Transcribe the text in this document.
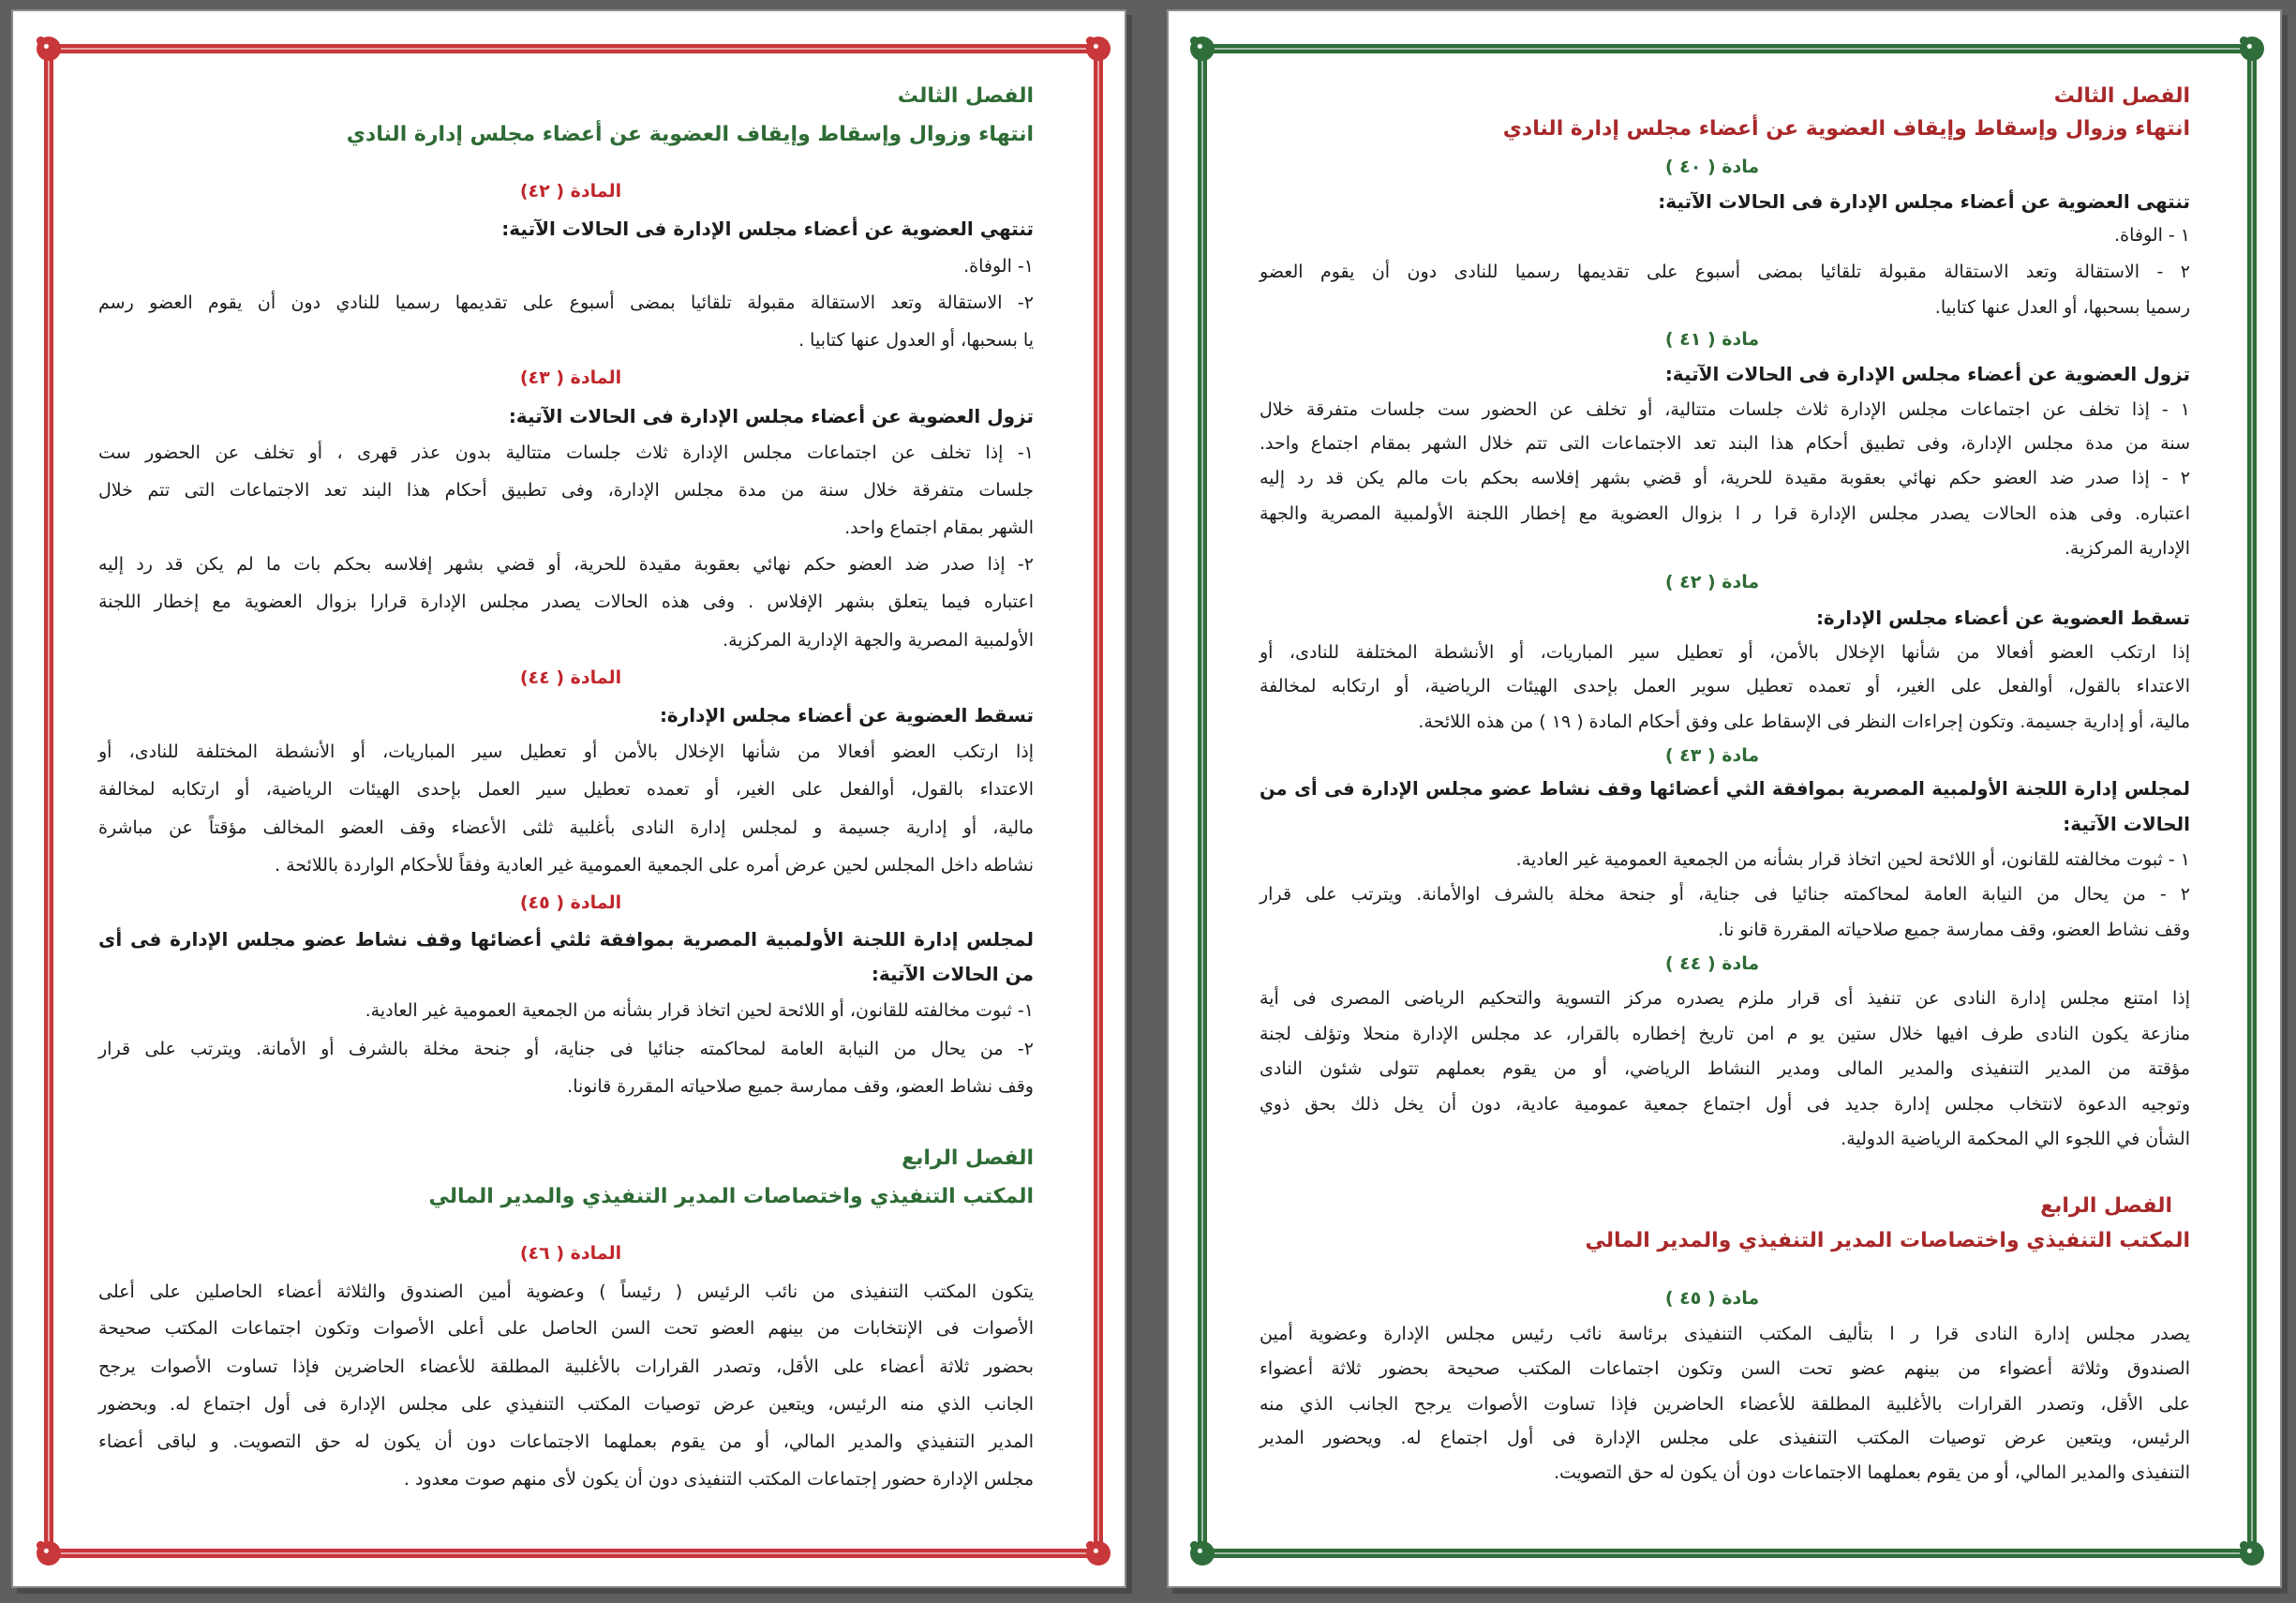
الفصل الثالث
انتهاء وزوال وإسقاط وإيقاف العضوية عن أعضاء مجلس إدارة النادي
المادة ( ٤٢)
تنتهي العضوية عن أعضاء مجلس الإدارة فى الحالات الآتية:
١- الوفاة.
٢- الاستقالة وتعد الاستقالة مقبولة تلقائيا بمضى أسبوع على تقديمها رسميا للنادي دون أن يقوم العضو رسم
يا بسحبها، أو العدول عنها كتابيا .
المادة ( ٤٣)
تزول العضوية عن أعضاء مجلس الإدارة فى الحالات الآتية:
١- إذا تخلف عن اجتماعات مجلس الإدارة ثلاث جلسات متتالية بدون عذر قهرى ، أو تخلف عن الحضور ست
جلسات متفرقة خلال سنة من مدة مجلس الإدارة، وفى تطبيق أحكام هذا البند تعد الاجتماعات التى تتم خلال
الشهر بمقام اجتماع واحد.
٢- إذا صدر ضد العضو حكم نهائي بعقوبة مقيدة للحرية، أو قضي بشهر إفلاسه بحكم بات ما لم يكن قد رد إليه
اعتباره فيما يتعلق بشهر الإفلاس . وفى هذه الحالات يصدر مجلس الإدارة قرارا بزوال العضوية مع إخطار اللجنة
الأولمبية المصرية والجهة الإدارية المركزية.
المادة ( ٤٤)
تسقط العضوية عن أعضاء مجلس الإدارة:
إذا ارتكب العضو أفعالا من شأنها الإخلال بالأمن أو تعطيل سير المباريات، أو الأنشطة المختلفة للنادى، أو
الاعتداء بالقول، أوالفعل على الغير، أو تعمده تعطيل سير العمل بإحدى الهيئات الرياضية، أو ارتكابه لمخالفة
مالية، أو إدارية جسيمة و لمجلس إدارة النادى بأغلبية ثلثى الأعضاء وقف العضو المخالف مؤقتاً عن مباشرة
نشاطه داخل المجلس لحين عرض أمره على الجمعية العمومية غير العادية وفقاً للأحكام الواردة باللائحة .
المادة ( ٤٥)
لمجلس إدارة اللجنة الأولمبية المصرية بموافقة ثلثي أعضائها وقف نشاط عضو مجلس الإدارة فى أى
من الحالات الآتية:
١- ثبوت مخالفته للقانون، أو اللائحة لحين اتخاذ قرار بشأنه من الجمعية العمومية غير العادية.
٢- من يحال من النيابة العامة لمحاكمته جنائيا فى جناية، أو جنحة مخلة بالشرف أو الأمانة. ويترتب على قرار
وقف نشاط العضو، وقف ممارسة جميع صلاحياته المقررة قانونا.
الفصل الرابع
المكتب التنفيذي واختصاصات المدير التنفيذي والمدير المالي
المادة ( ٤٦)
يتكون المكتب التنفيذى من نائب الرئيس ( رئيساً ) وعضوية أمين الصندوق والثلاثة أعضاء الحاصلين على أعلى
الأصوات فى الإنتخابات من بينهم العضو تحت السن الحاصل على أعلى الأصوات وتكون اجتماعات المكتب صحيحة
بحضور ثلاثة أعضاء على الأقل، وتصدر القرارات بالأغلبية المطلقة للأعضاء الحاضرين فإذا تساوت الأصوات يرجح
الجانب الذي منه الرئيس، ويتعين عرض توصيات المكتب التنفيذي على مجلس الإدارة فى أول اجتماع له. وبحضور
المدير التنفيذي والمدير المالي، أو من يقوم بعملهما الاجتماعات دون أن يكون له حق التصويت. و لباقى أعضاء
مجلس الإدارة حضور إجتماعات المكتب التنفيذى دون أن يكون لأى منهم صوت معدود .
الفصل الثالث
انتهاء وزوال وإسقاط وإيقاف العضوية عن أعضاء مجلس إدارة النادي
مادة ( ٤٠ )
تنتهى العضوية عن أعضاء مجلس الإدارة فى الحالات الآتية:
١ - الوفاة.
٢ - الاستقالة وتعد الاستقالة مقبولة تلقائيا بمضى أسبوع على تقديمها رسميا للنادى دون أن يقوم العضو
رسميا بسحبها، أو العدل عنها كتابيا.
مادة ( ٤١ )
تزول العضوية عن أعضاء مجلس الإدارة فى الحالات الآتية:
١ - إذا تخلف عن اجتماعات مجلس الإدارة ثلاث جلسات متتالية، أو تخلف عن الحضور ست جلسات متفرقة خلال
سنة من مدة مجلس الإدارة، وفى تطبيق أحكام هذا البند تعد الاجتماعات التى تتم خلال الشهر بمقام اجتماع واحد.
٢ - إذا صدر ضد العضو حكم نهائي بعقوبة مقيدة للحرية، أو قضي بشهر إفلاسه بحكم بات مالم يكن قد رد إليه
اعتباره. وفى هذه الحالات يصدر مجلس الإدارة قرا ر ا بزوال العضوية مع إخطار اللجنة الأولمبية المصرية والجهة
الإدارية المركزية.
مادة ( ٤٢ )
تسقط العضوية عن أعضاء مجلس الإدارة:
إذا ارتكب العضو أفعالا من شأنها الإخلال بالأمن، أو تعطيل سير المباريات، أو الأنشطة المختلفة للنادى، أو
الاعتداء بالقول، أوالفعل على الغير، أو تعمده تعطيل سوير العمل بإحدى الهيئات الرياضية، أو ارتكابه لمخالفة
مالية، أو إدارية جسيمة. وتكون إجراءات النظر فى الإسقاط على وفق أحكام المادة ( ١٩ ) من هذه اللائحة.
مادة ( ٤٣ )
لمجلس إدارة اللجنة الأولمبية المصرية بموافقة الثي أعضائها وقف نشاط عضو مجلس الإدارة فى أى من
الحالات الآتية:
١ - ثبوت مخالفته للقانون، أو اللائحة لحين اتخاذ قرار بشأنه من الجمعية العمومية غير العادية.
٢ - من يحال من النيابة العامة لمحاكمته جنائيا فى جناية، أو جنحة مخلة بالشرف اوالأمانة. ويترتب على قرار
وقف نشاط العضو، وقف ممارسة جميع صلاحياته المقررة قانو نا.
مادة ( ٤٤ )
إذا امتنع مجلس إدارة النادى عن تنفيذ أى قرار ملزم يصدره مركز التسوية والتحكيم الرياضى المصرى فى أية
منازعة يكون النادى طرف افيها خلال ستين يو م امن تاريخ إخطاره بالقرار، عد مجلس الإدارة منحلا وتؤلف لجنة
مؤقتة من المدير التنفيذى والمدير المالى ومدير النشاط الرياضي، أو من يقوم بعملهم تتولى شئون النادى
وتوجيه الدعوة لانتخاب مجلس إدارة جديد فى أول اجتماع جمعية عمومية عادية، دون أن يخل ذلك بحق ذوي
الشأن في اللجوء الي المحكمة الرياضية الدولية.
الفصل الرابع
المكتب التنفيذي واختصاصات المدير التنفيذي والمدير المالي
مادة ( ٤٥ )
يصدر مجلس إدارة النادى قرا ر ا بتأليف المكتب التنفيذى برئاسة نائب رئيس مجلس الإدارة وعضوية أمين
الصندوق وثلاثة أعضواء من بينهم عضو تحت السن وتكون اجتماعات المكتب صحيحة بحضور ثلاثة أعضواء
على الأقل، وتصدر القرارات بالأغلبية المطلقة للأعضاء الحاضرين فإذا تساوت الأصوات يرجح الجانب الذي منه
الرئيس، ويتعين عرض توصيات المكتب التنفيذى على مجلس الإدارة فى أول اجتماع له. ويحضور المدير
التنفيذى والمدير المالي، أو من يقوم بعملهما الاجتماعات دون أن يكون له حق التصويت.
